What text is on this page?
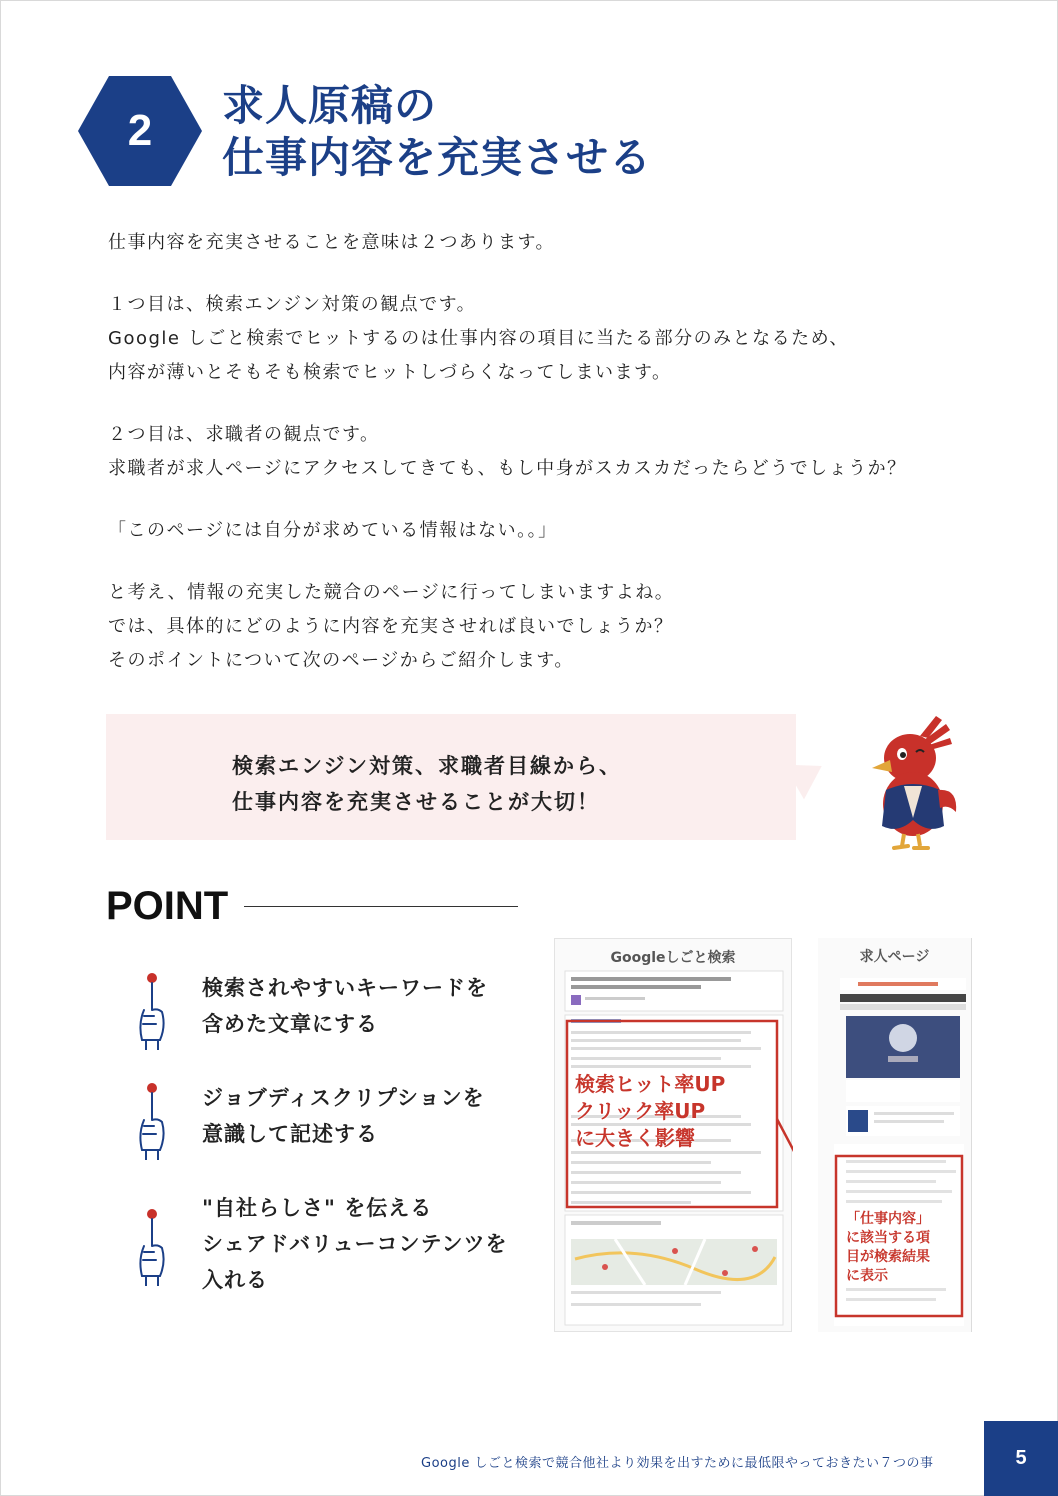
2
求人原稿の
仕事内容を充実させる

仕事内容を充実させることを意味は２つあります。

１つ目は、検索エンジン対策の観点です。

Google しごと検索でヒットするのは仕事内容の項目に当たる部分のみとなるため、

内容が薄いとそもそも検索でヒットしづらくなってしまいます。

２つ目は、求職者の観点です。

求職者が求人ページにアクセスしてきても、もし中身がスカスカだったらどうでしょうか？

「このページには自分が求めている情報はない。。」

と考え、情報の充実した競合のページに行ってしまいますよね。

では、具体的にどのように内容を充実させれば良いでしょうか？

そのポイントについて次のページからご紹介します。

検索エンジン対策、求職者目線から、
仕事内容を充実させることが大切！
POINT
検索されやすいキーワードを
含めた文章にする
ジョブディスクリプションを
意識して記述する
"自社らしさ" を伝える
シェアドバリューコンテンツを
入れる
Googleしごと検索
検索ヒット率UP
クリック率UP
に大きく影響
求人ページ
「仕事内容」
に該当する項
目が検索結果
に表示
Google しごと検索で競合他社より効果を出すために最低限やっておきたい７つの事	5
